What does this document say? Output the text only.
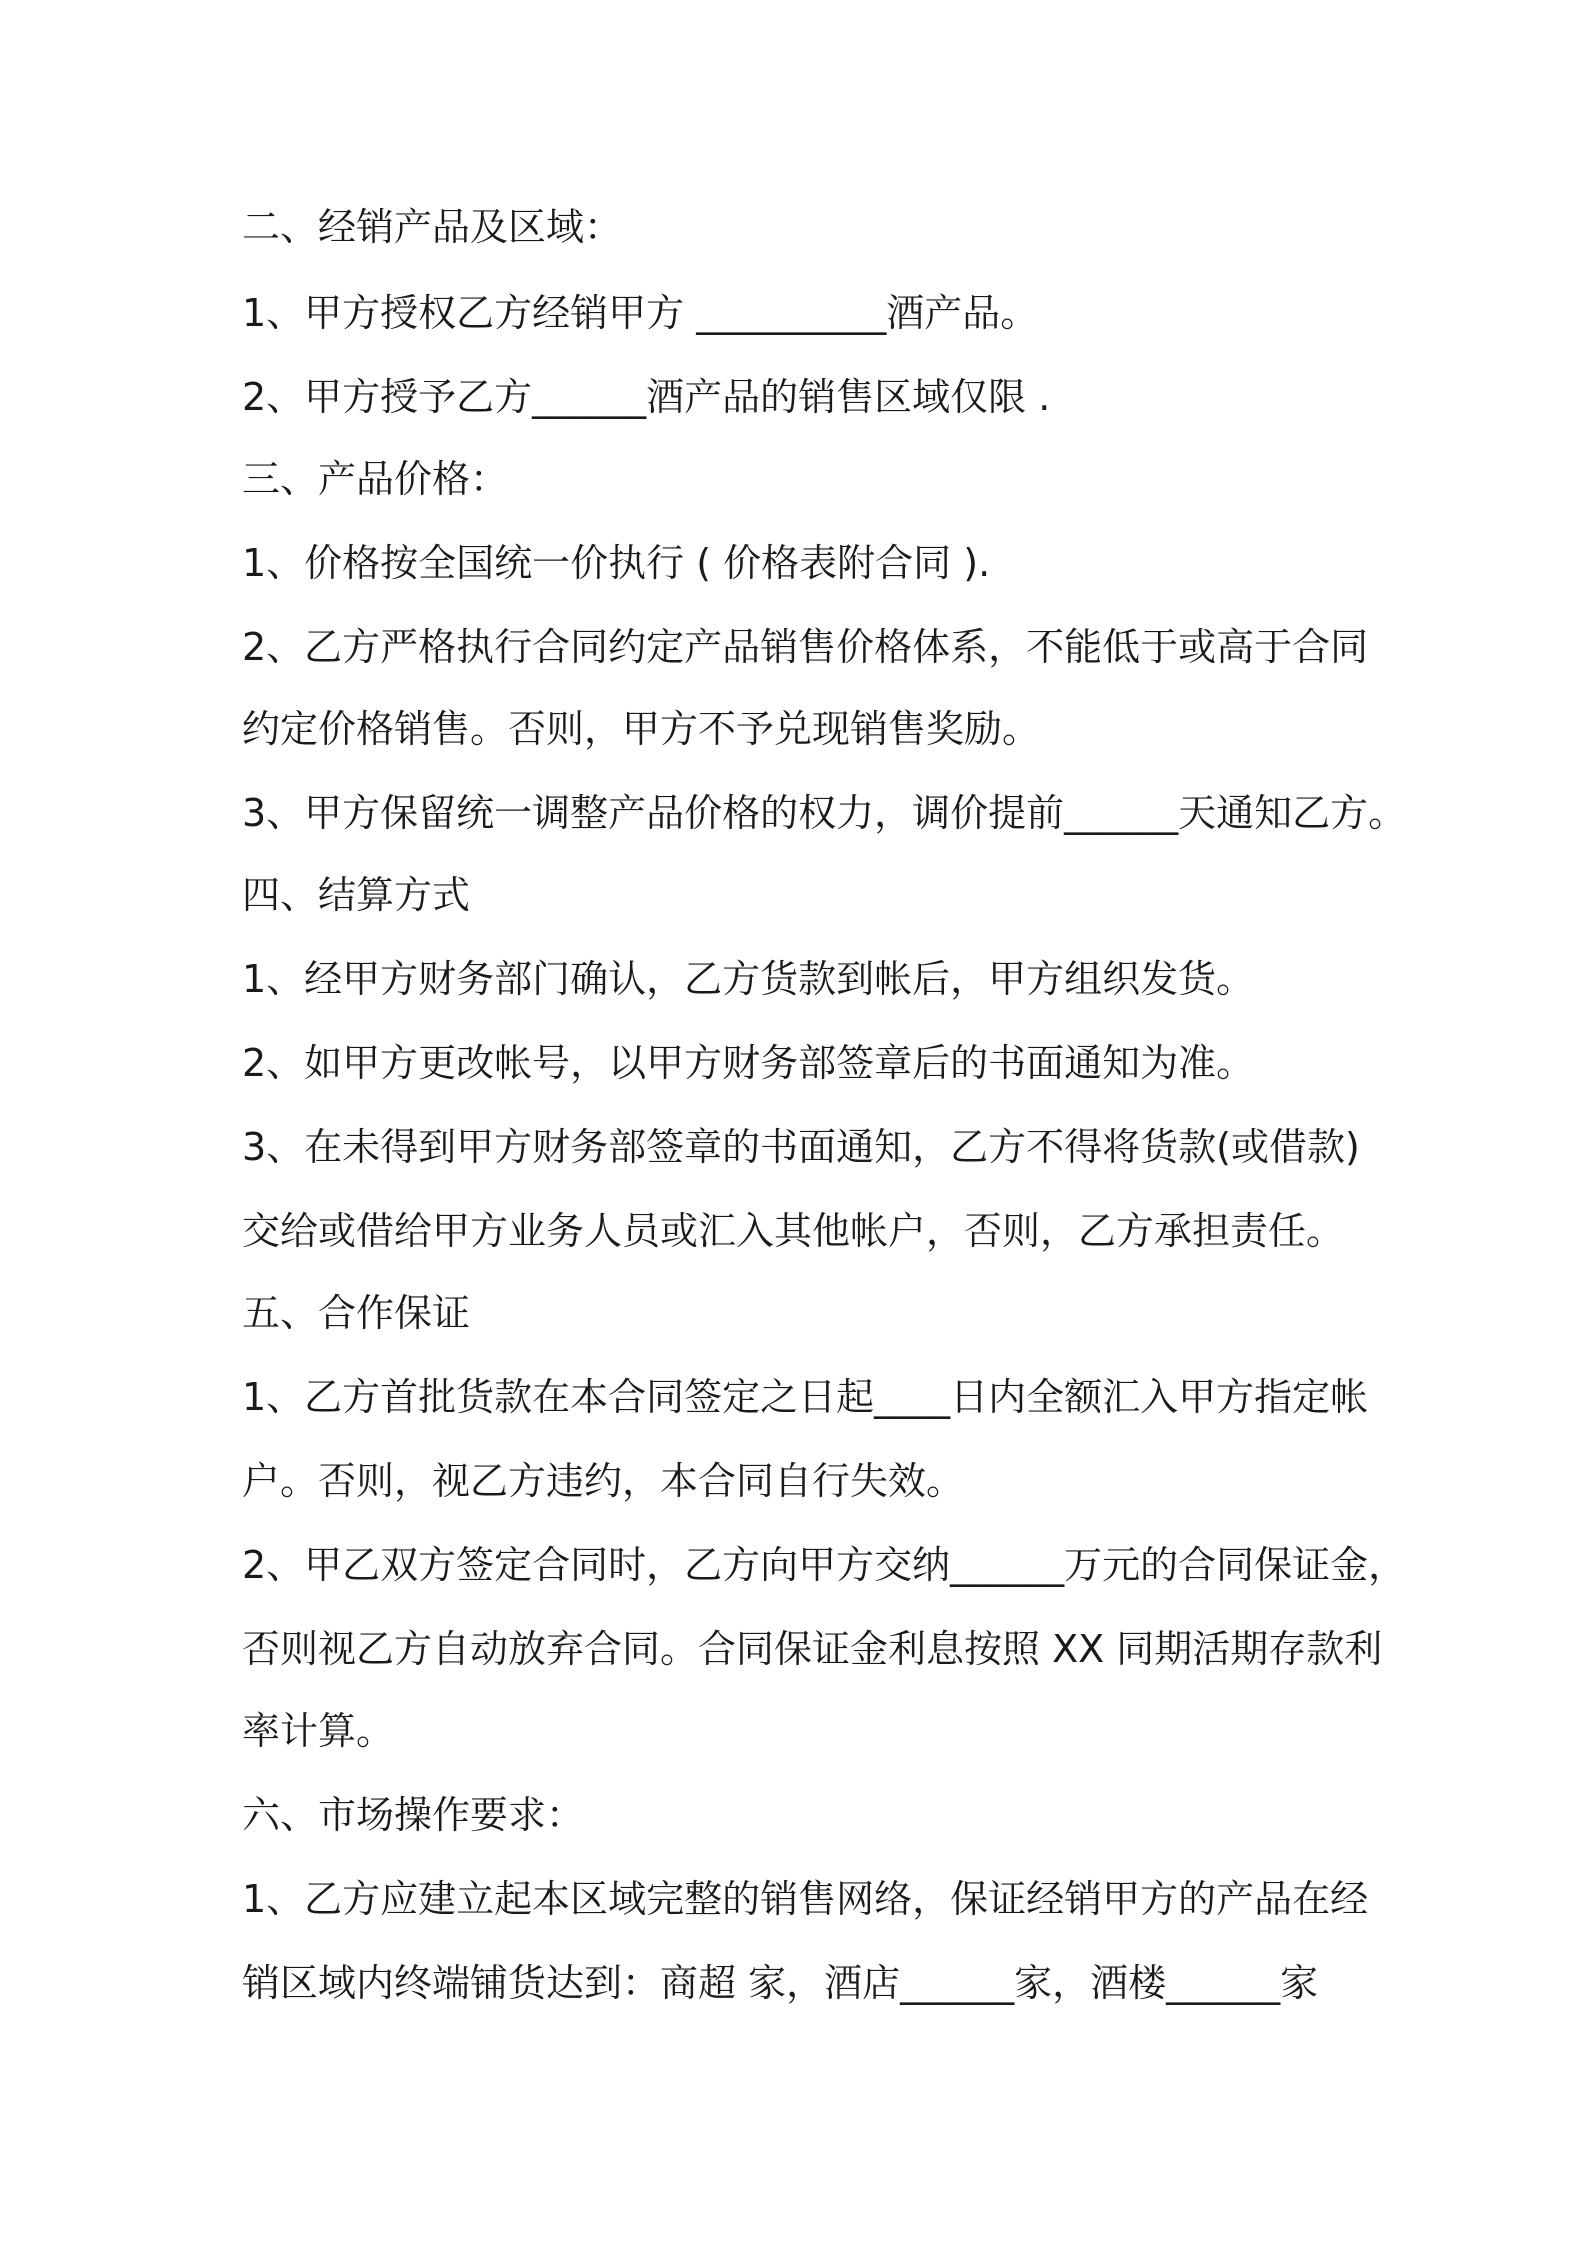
二、经销产品及区域：
1、甲方授权乙方经销甲方 __________酒产品。
2、甲方授予乙方______酒产品的销售区域仅限 .
三、产品价格：
1、价格按全国统一价执行 ( 价格表附合同 ).
2、乙方严格执行合同约定产品销售价格体系，不能低于或高于合同
约定价格销售。否则，甲方不予兑现销售奖励。
3、甲方保留统一调整产品价格的权力，调价提前______天通知乙方。
四、结算方式
1、经甲方财务部门确认，乙方货款到帐后，甲方组织发货。
2、如甲方更改帐号，以甲方财务部签章后的书面通知为准。
3、在未得到甲方财务部签章的书面通知，乙方不得将货款(或借款)
交给或借给甲方业务人员或汇入其他帐户，否则，乙方承担责任。
五、合作保证
1、乙方首批货款在本合同签定之日起____日内全额汇入甲方指定帐
户。否则，视乙方违约，本合同自行失效。
2、甲乙双方签定合同时，乙方向甲方交纳______万元的合同保证金，
否则视乙方自动放弃合同。合同保证金利息按照 XX 同期活期存款利
率计算。
六、市场操作要求：
1、乙方应建立起本区域完整的销售网络，保证经销甲方的产品在经
销区域内终端铺货达到：商超 家，酒店______家，酒楼______家
